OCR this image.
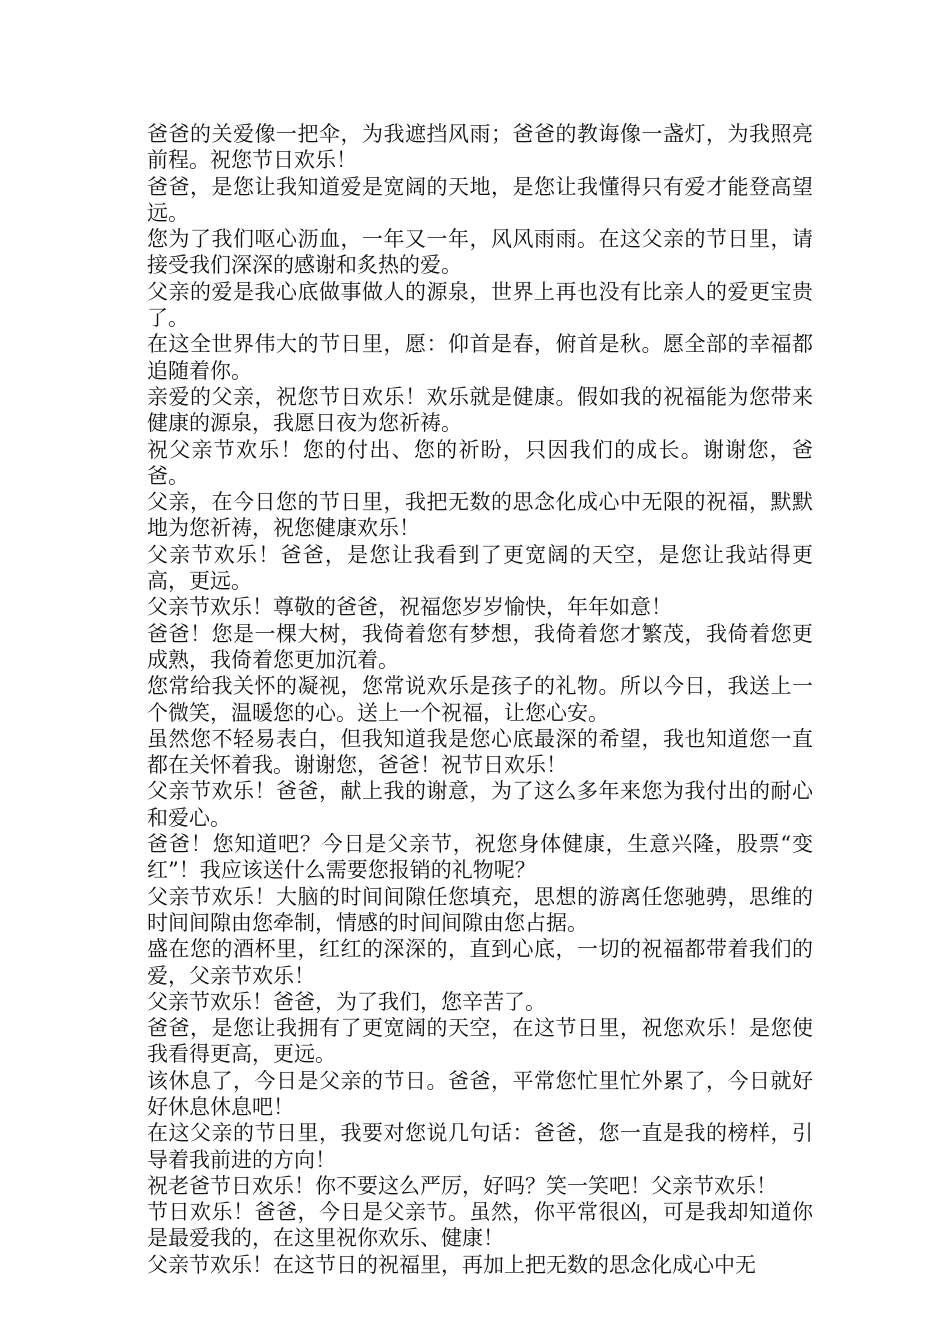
爸爸的关爱像一把伞，为我遮挡风雨；爸爸的教诲像一盏灯，为我照亮前程。祝您节日欢乐！

爸爸，是您让我知道爱是宽阔的天地，是您让我懂得只有爱才能登高望远。

您为了我们呕心沥血，一年又一年，风风雨雨。在这父亲的节日里，请接受我们深深的感谢和炙热的爱。

父亲的爱是我心底做事做人的源泉，世界上再也没有比亲人的爱更宝贵了。

在这全世界伟大的节日里，愿：仰首是春，俯首是秋。愿全部的幸福都追随着你。

亲爱的父亲，祝您节日欢乐！欢乐就是健康。假如我的祝福能为您带来健康的源泉，我愿日夜为您祈祷。

祝父亲节欢乐！您的付出、您的祈盼，只因我们的成长。谢谢您，爸爸。

父亲，在今日您的节日里，我把无数的思念化成心中无限的祝福，默默地为您祈祷，祝您健康欢乐！

父亲节欢乐！爸爸，是您让我看到了更宽阔的天空，是您让我站得更高，更远。

父亲节欢乐！尊敬的爸爸，祝福您岁岁愉快，年年如意！

爸爸！您是一棵大树，我倚着您有梦想，我倚着您才繁茂，我倚着您更成熟，我倚着您更加沉着。

您常给我关怀的凝视，您常说欢乐是孩子的礼物。所以今日，我送上一个微笑，温暖您的心。送上一个祝福，让您心安。

虽然您不轻易表白，但我知道我是您心底最深的希望，我也知道您一直都在关怀着我。谢谢您，爸爸！祝节日欢乐！

父亲节欢乐！爸爸，献上我的谢意，为了这么多年来您为我付出的耐心和爱心。

爸爸！您知道吧？今日是父亲节，祝您身体健康，生意兴隆，股票“变红”！我应该送什么需要您报销的礼物呢？

父亲节欢乐！大脑的时间间隙任您填充，思想的游离任您驰骋，思维的时间间隙由您牵制，情感的时间间隙由您占据。

盛在您的酒杯里，红红的深深的，直到心底，一切的祝福都带着我们的爱，父亲节欢乐！

父亲节欢乐！爸爸，为了我们，您辛苦了。

爸爸，是您让我拥有了更宽阔的天空，在这节日里，祝您欢乐！是您使我看得更高，更远。

该休息了，今日是父亲的节日。爸爸，平常您忙里忙外累了，今日就好好休息休息吧！

在这父亲的节日里，我要对您说几句话：爸爸，您一直是我的榜样，引导着我前进的方向！

祝老爸节日欢乐！你不要这么严厉，好吗？笑一笑吧！父亲节欢乐！

节日欢乐！爸爸，今日是父亲节。虽然，你平常很凶，可是我却知道你是最爱我的，在这里祝你欢乐、健康！

父亲节欢乐！在这节日的祝福里，再加上把无数的思念化成心中无
